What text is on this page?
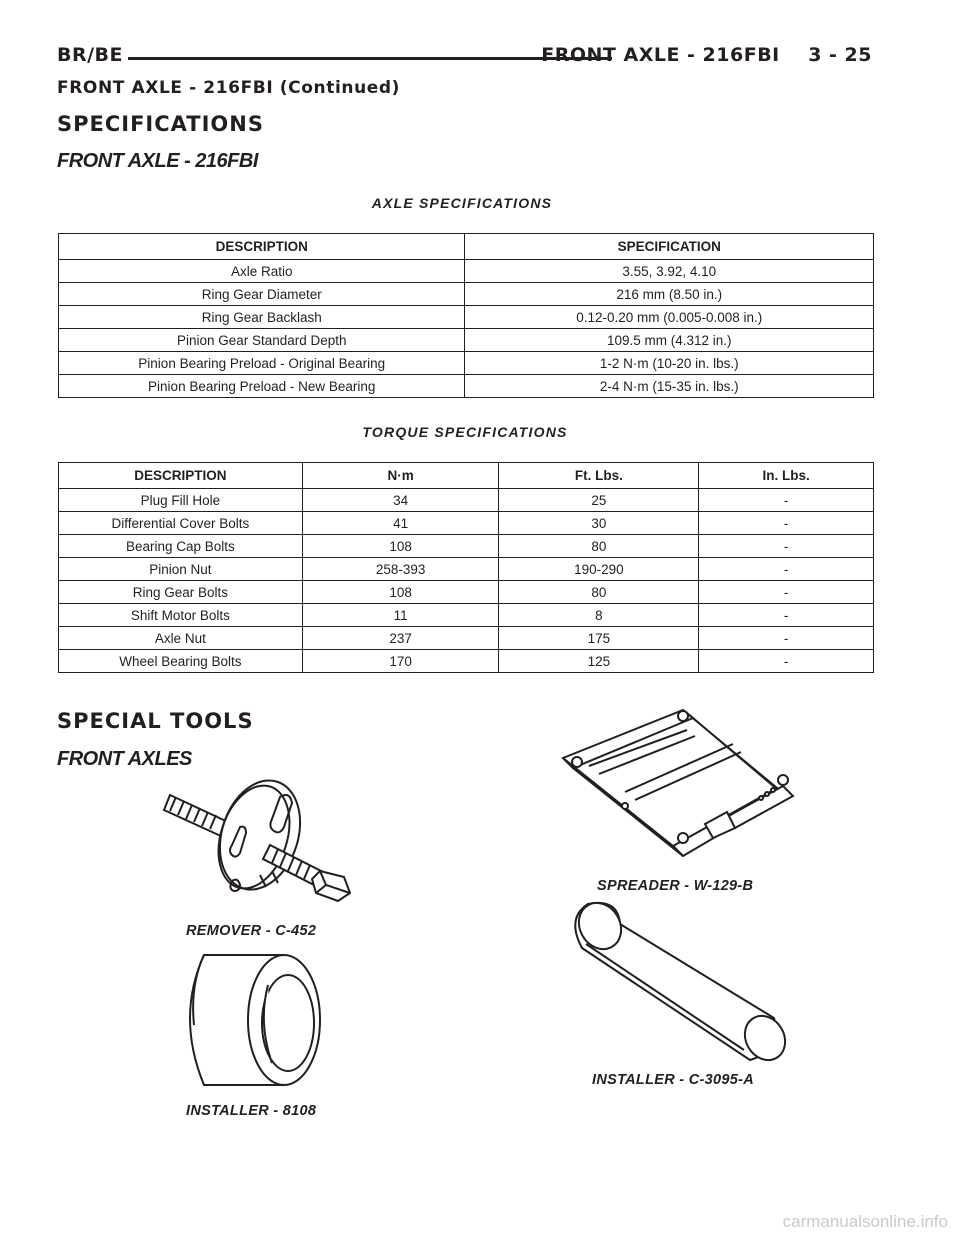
BR/BE	FRONT AXLE - 216FBI 3 - 25
FRONT AXLE - 216FBI (Continued)
SPECIFICATIONS
FRONT AXLE - 216FBI
AXLE SPECIFICATIONS
DESCRIPTION	SPECIFICATION
Axle Ratio	3.55, 3.92, 4.10
Ring Gear Diameter	216 mm (8.50 in.)
Ring Gear Backlash	0.12-0.20 mm (0.005-0.008 in.)
Pinion Gear Standard Depth	109.5 mm (4.312 in.)
Pinion Bearing Preload - Original Bearing	1-2 N·m (10-20 in. lbs.)
Pinion Bearing Preload - New Bearing	2-4 N·m (15-35 in. lbs.)
TORQUE SPECIFICATIONS
DESCRIPTION	N·m	Ft. Lbs.	In. Lbs.
Plug Fill Hole	34	25	-
Differential Cover Bolts	41	30	-
Bearing Cap Bolts	108	80	-
Pinion Nut	258-393	190-290	-
Ring Gear Bolts	108	80	-
Shift Motor Bolts	11	8	-
Axle Nut	237	175	-
Wheel Bearing Bolts	170	125	-
SPECIAL TOOLS
FRONT AXLES
REMOVER - C-452
SPREADER - W-129-B
INSTALLER - 8108
INSTALLER - C-3095-A
carmanualsonline.info
